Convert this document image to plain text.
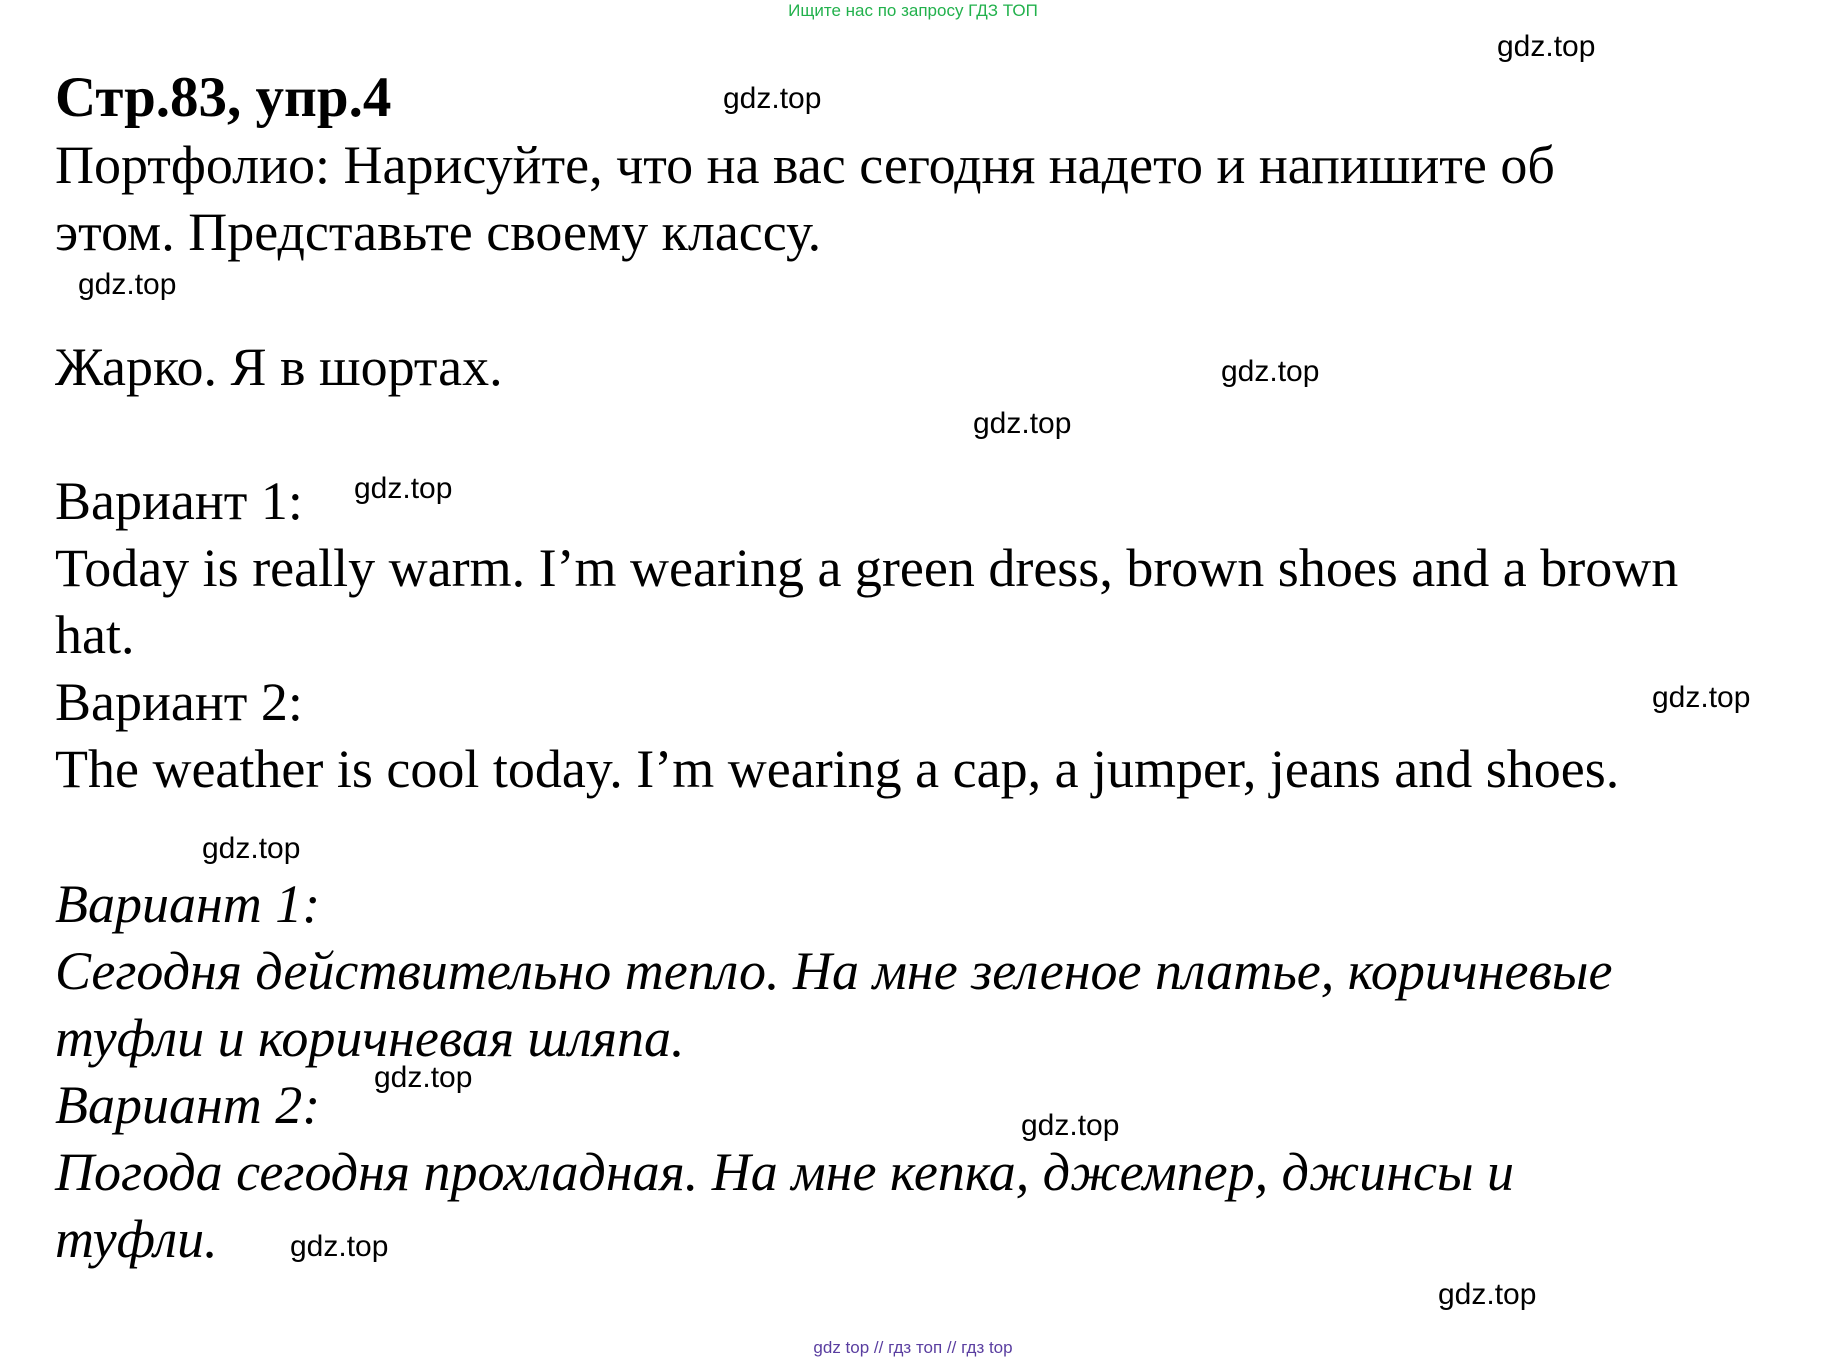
Ищите нас по запросу ГДЗ ТОП
Стр.83, упр.4
Портфолио: Нарисуйте, что на вас сегодня надето и напишите об
этом. Представьте своему классу.
Жарко. Я в шортах.
Вариант 1:
Today is really warm. I’m wearing a green dress, brown shoes and a brown
hat.
Вариант 2:
The weather is cool today. I’m wearing a cap, a jumper, jeans and shoes.
Вариант 1:
Сегодня действительно тепло. На мне зеленое платье, коричневые
туфли и коричневая шляпа.
Вариант 2:
Погода сегодня прохладная. На мне кепка, джемпер, джинсы и
туфли.
gdz.top
gdz.top
gdz.top
gdz.top
gdz.top
gdz.top
gdz.top
gdz.top
gdz.top
gdz.top
gdz.top
gdz.top
gdz top // гдз топ // гдз top
